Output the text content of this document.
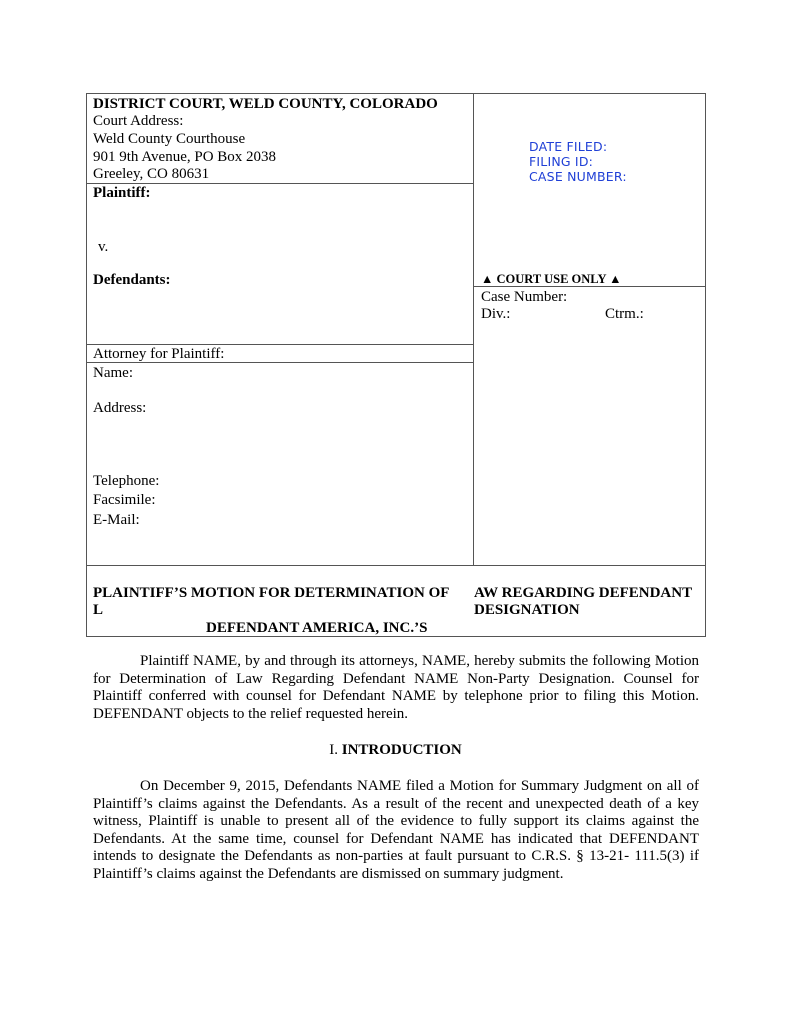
DISTRICT COURT, WELD COUNTY, COLORADO
Court Address:
Weld County Courthouse
901 9th Avenue, PO Box 2038
Greeley, CO 80631
Plaintiff:
v.
Defendants:
Attorney for Plaintiff:
Name:
Address:
Telephone:
Facsimile:
E-Mail:
DATE FILED:
FILING ID:
CASE NUMBER:
▲ COURT USE ONLY ▲
Case Number:
Div.:	Ctrm.:
PLAINTIFF’S MOTION FOR DETERMINATION OF
L
AW REGARDING DEFENDANT
DESIGNATION
DEFENDANT AMERICA, INC.’S
Plaintiff NAME, by and through its attorneys, NAME, hereby submits the following Motion for Determination of Law Regarding Defendant NAME Non-Party Designation. Counsel for Plaintiff conferred with counsel for Defendant NAME by telephone prior to filing this Motion. DEFENDANT objects to the relief requested herein.
I. INTRODUCTION
On December 9, 2015, Defendants NAME filed a Motion for Summary Judgment on all of Plaintiff’s claims against the Defendants. As a result of the recent and unexpected death of a key witness, Plaintiff is unable to present all of the evidence to fully support its claims against the Defendants. At the same time, counsel for Defendant NAME has indicated that DEFENDANT intends to designate the Defendants as non-parties at fault pursuant to C.R.S. § 13-21- 111.5(3) if Plaintiff’s claims against the Defendants are dismissed on summary judgment.
